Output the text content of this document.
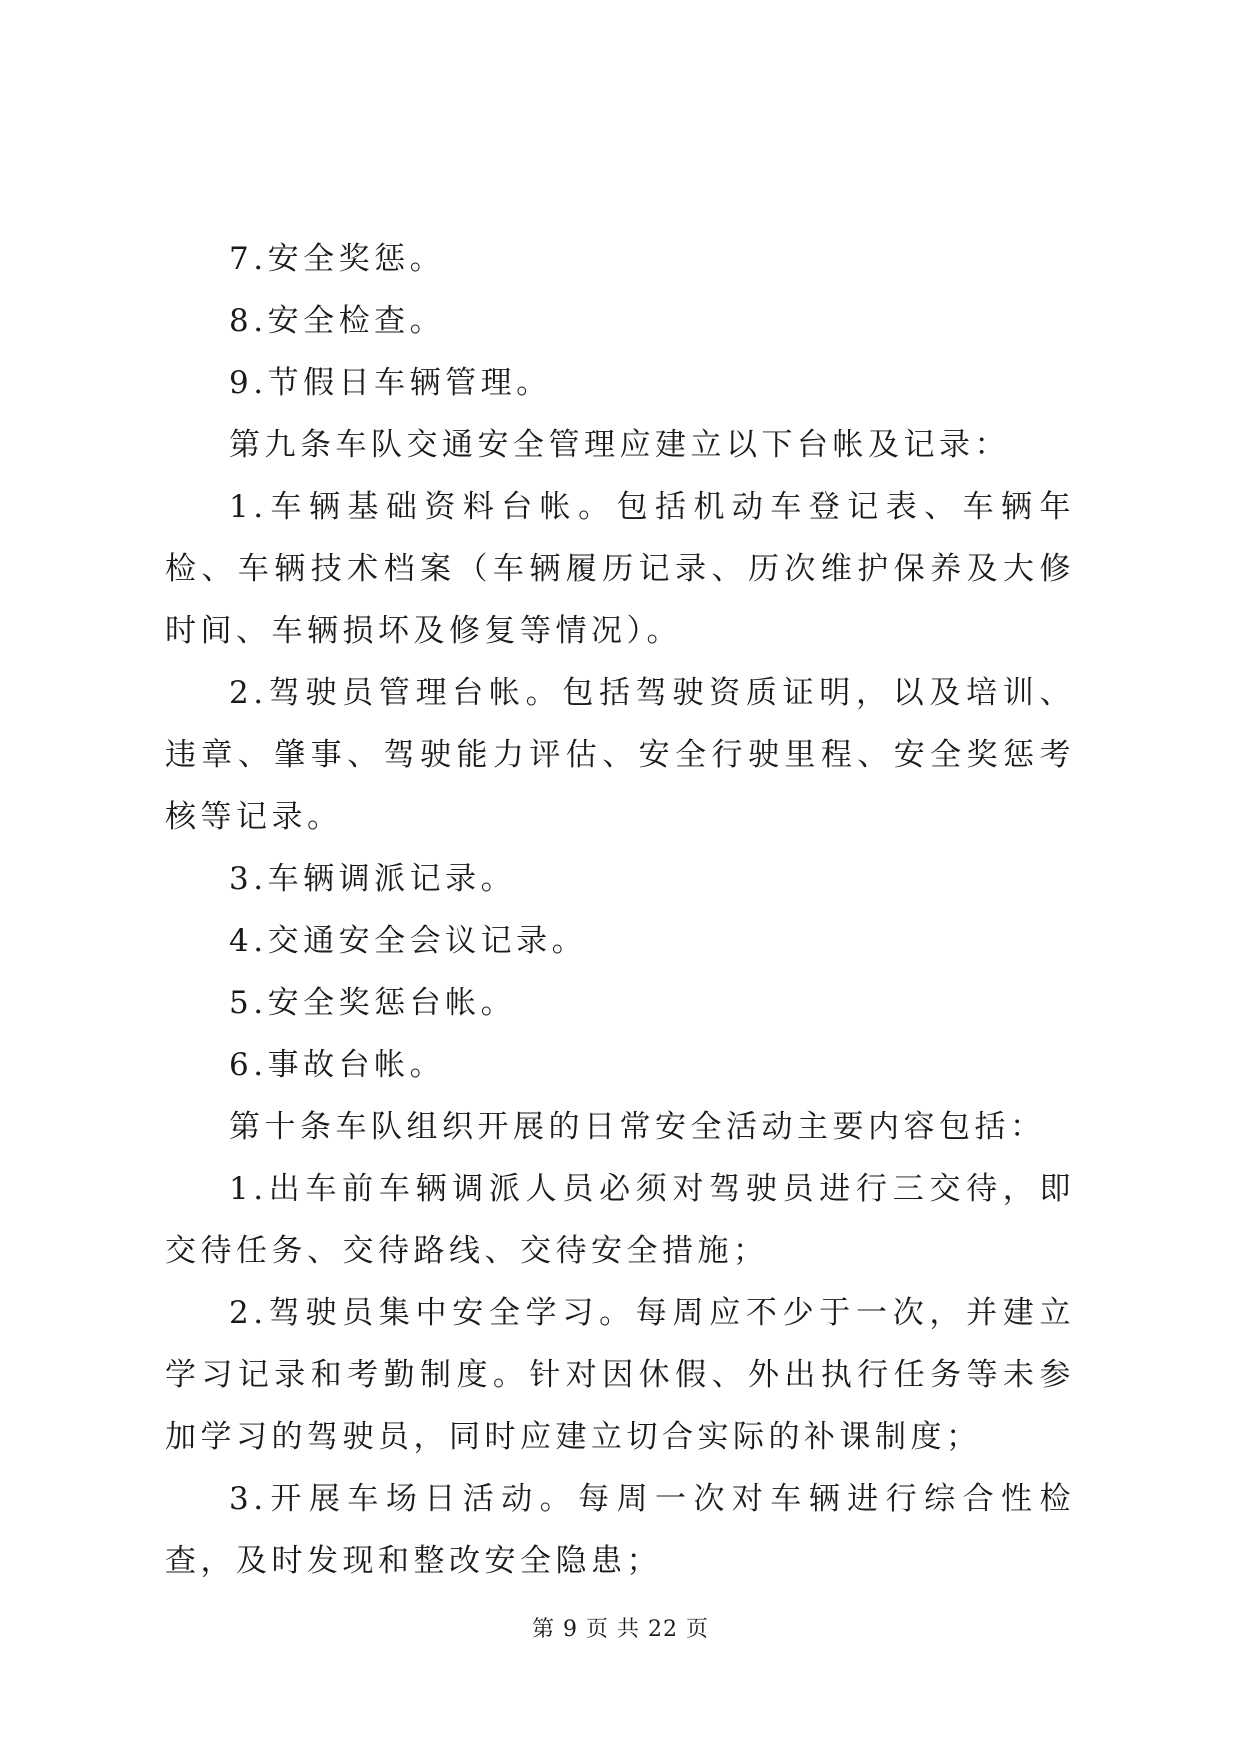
7.安全奖惩。

8.安全检查。

9.节假日车辆管理。

第九条车队交通安全管理应建立以下台帐及记录：

1.车辆基础资料台帐。包括机动车登记表、车辆年检、车辆技术档案（车辆履历记录、历次维护保养及大修时间、车辆损坏及修复等情况）。

2.驾驶员管理台帐。包括驾驶资质证明，以及培训、违章、肇事、驾驶能力评估、安全行驶里程、安全奖惩考核等记录。

3.车辆调派记录。

4.交通安全会议记录。

5.安全奖惩台帐。

6.事故台帐。

第十条车队组织开展的日常安全活动主要内容包括：

1.出车前车辆调派人员必须对驾驶员进行三交待，即交待任务、交待路线、交待安全措施；

2.驾驶员集中安全学习。每周应不少于一次，并建立学习记录和考勤制度。针对因休假、外出执行任务等未参加学习的驾驶员，同时应建立切合实际的补课制度；

3.开展车场日活动。每周一次对车辆进行综合性检查，及时发现和整改安全隐患；

第 9 页 共 22 页
